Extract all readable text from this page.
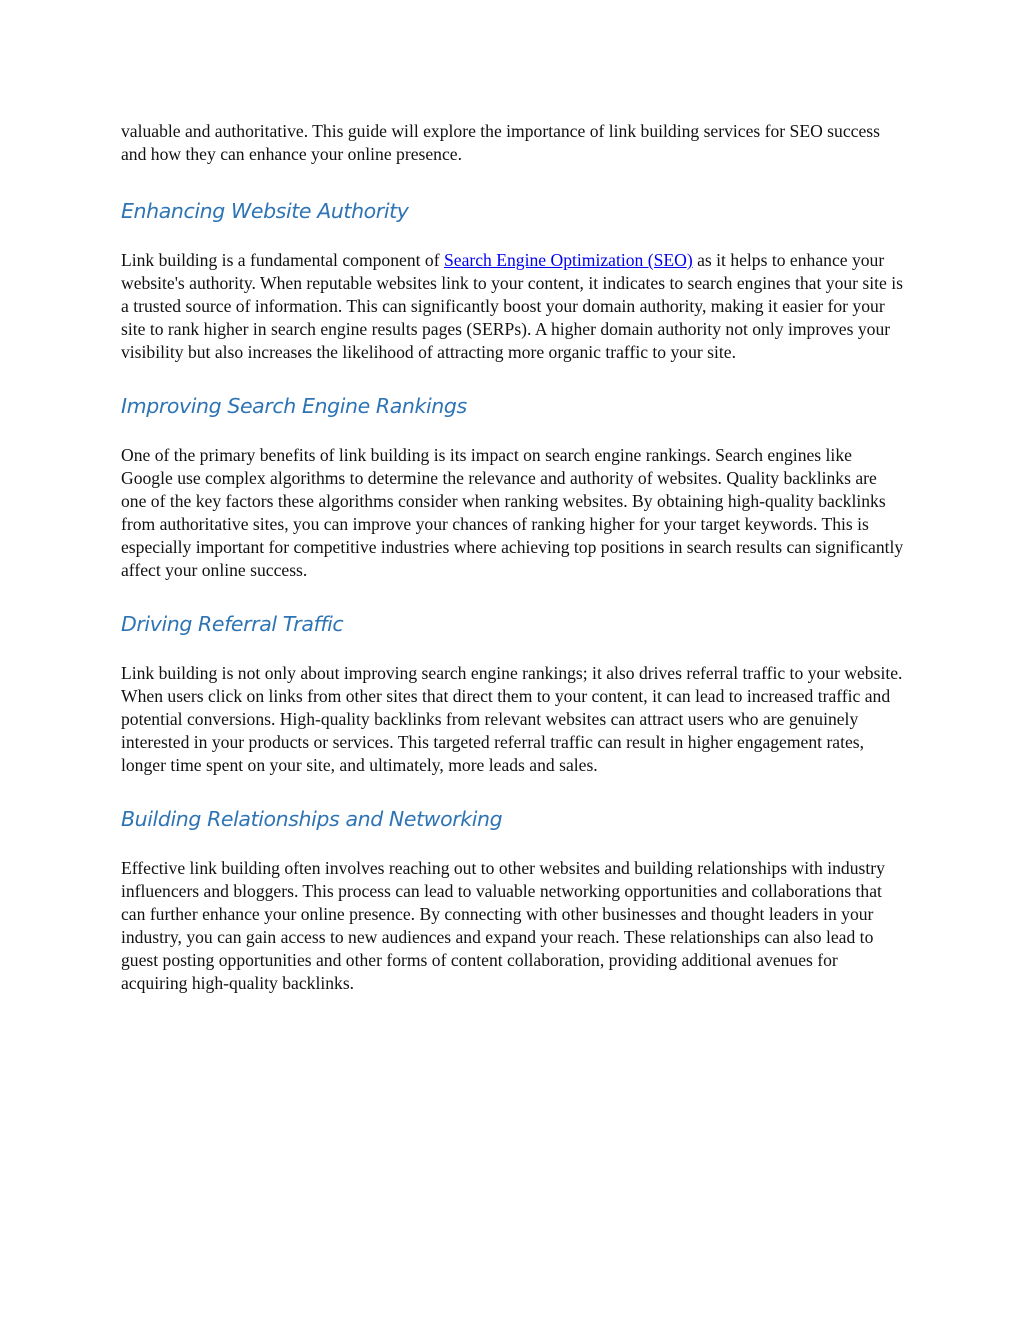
valuable and authoritative. This guide will explore the importance of link building services for SEO success and how they can enhance your online presence.

Enhancing Website Authority

Link building is a fundamental component of Search Engine Optimization (SEO) as it helps to enhance your website's authority. When reputable websites link to your content, it indicates to search engines that your site is a trusted source of information. This can significantly boost your domain authority, making it easier for your site to rank higher in search engine results pages (SERPs). A higher domain authority not only improves your visibility but also increases the likelihood of attracting more organic traffic to your site.

Improving Search Engine Rankings

One of the primary benefits of link building is its impact on search engine rankings. Search engines like Google use complex algorithms to determine the relevance and authority of websites. Quality backlinks are one of the key factors these algorithms consider when ranking websites. By obtaining high-quality backlinks from authoritative sites, you can improve your chances of ranking higher for your target keywords. This is especially important for competitive industries where achieving top positions in search results can significantly affect your online success.

Driving Referral Traffic

Link building is not only about improving search engine rankings; it also drives referral traffic to your website. When users click on links from other sites that direct them to your content, it can lead to increased traffic and potential conversions. High-quality backlinks from relevant websites can attract users who are genuinely interested in your products or services. This targeted referral traffic can result in higher engagement rates, longer time spent on your site, and ultimately, more leads and sales.

Building Relationships and Networking

Effective link building often involves reaching out to other websites and building relationships with industry influencers and bloggers. This process can lead to valuable networking opportunities and collaborations that can further enhance your online presence. By connecting with other businesses and thought leaders in your industry, you can gain access to new audiences and expand your reach. These relationships can also lead to guest posting opportunities and other forms of content collaboration, providing additional avenues for acquiring high-quality backlinks.
